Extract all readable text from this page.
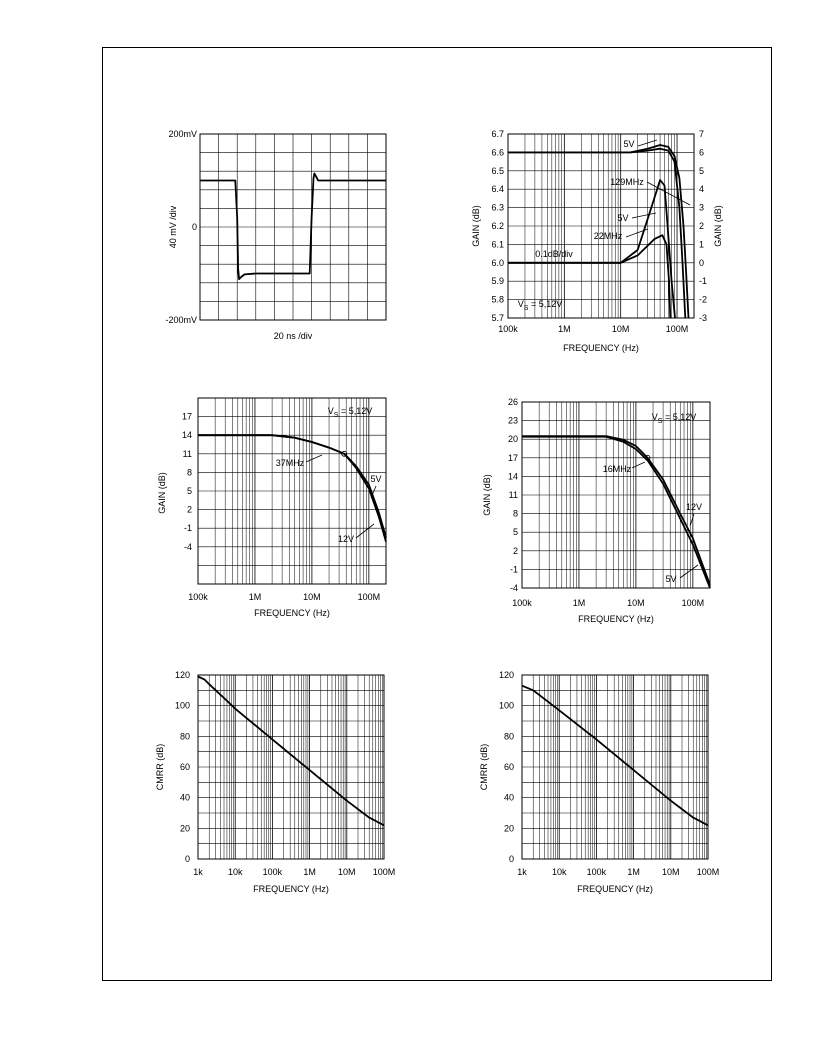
200mV
0
-200mV
20 ns /div
40 mV /div
6.7
6.6
6.5
6.4
6.3
6.2
6.1
6.0
5.9
5.8
5.7
7
6
5
4
3
2
1
0
-1
-2
-3
100k	1M	10M	100M
FREQUENCY (Hz)
GAIN (dB)	GAIN (dB)
5V
129MHz
5V
22MHz
0.1dB/div
$V_S = 5,12V$
17
14
11
8
5
2
-1
-4
100k	1M	10M	100M
FREQUENCY (Hz)
GAIN (dB)
$V_S = 5,12V$
37MHz
5V
12V
26
23
20
17
14
11
8
5
2
-1
-4
100k	1M	10M	100M
FREQUENCY (Hz)
GAIN (dB)
$V_S = 5,12V$
16MHz
12V
5V
120
100
80
60
40
20
0
1k	10k 100k 1M 10M 100M
FREQUENCY (Hz)
CMRR (dB)
120
100
80
60
40
20
0
1k	10k 100k 1M 10M 100M
FREQUENCY (Hz)
CMRR (dB)
